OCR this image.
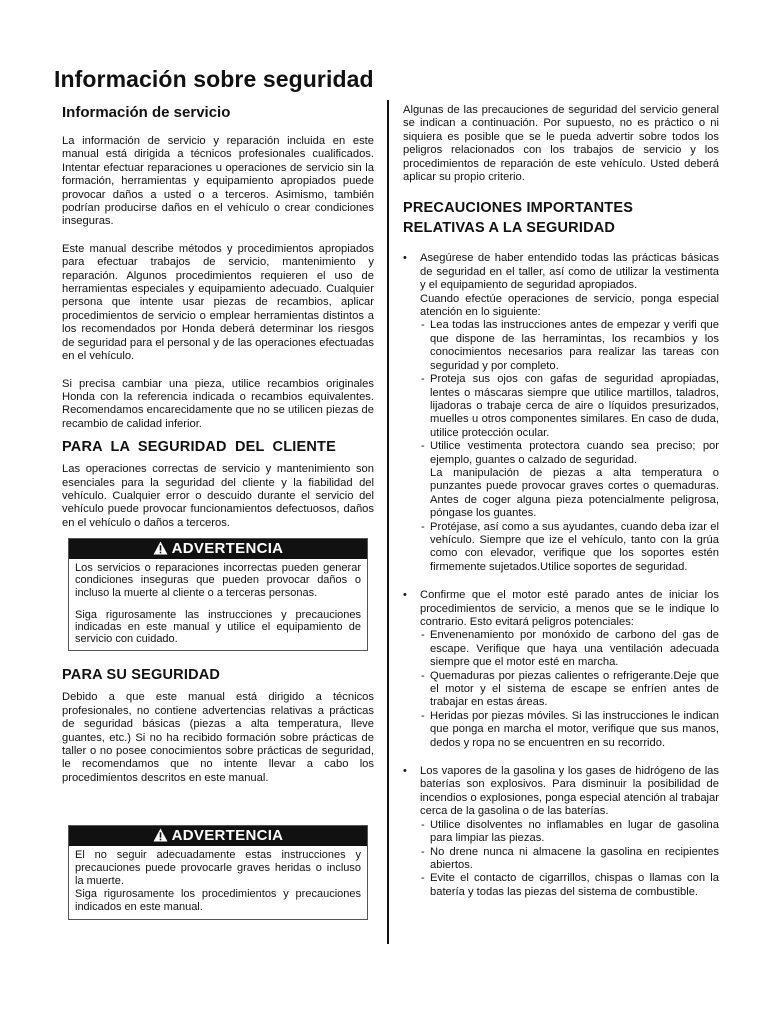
Información sobre seguridad
Información de servicio

La información de servicio y reparación incluida en este manual está dirigida a técnicos profesionales cualificados. Intentar efectuar reparaciones u operaciones de servicio sin la formación, herramientas y equipamiento apropiados puede provocar daños a usted o a terceros. Asimismo, también podrían producirse daños en el vehículo o crear condiciones inseguras.

Este manual describe métodos y procedimientos apropiados para efectuar trabajos de servicio, mantenimiento y reparación. Algunos procedimientos requieren el uso de herramientas especiales y equipamiento adecuado. Cualquier persona que intente usar piezas de recambios, aplicar procedimientos de servicio o emplear herramientas distintos a los recomendados por Honda deberá determinar los riesgos de seguridad para el personal y de las operaciones efectuadas en el vehículo.

Si precisa cambiar una pieza, utilice recambios originales Honda con la referencia indicada o recambios equivalentes. Recomendamos encarecidamente que no se utilicen piezas de recambio de calidad inferior.

PARA LA SEGURIDAD DEL CLIENTE

Las operaciones correctas de servicio y mantenimiento son esenciales para la seguridad del cliente y la fiabilidad del vehículo. Cualquier error o descuido durante el servicio del vehículo puede provocar funcionamientos defectuosos, daños en el vehículo o daños a terceros.

ADVERTENCIA

Los servicios o reparaciones incorrectas pueden generar condiciones inseguras que pueden provocar daños o incluso la muerte al cliente o a terceras personas.

Siga rigurosamente las instrucciones y precauciones indicadas en este manual y utilice el equipamiento de servicio con cuidado.

PARA SU SEGURIDAD

Debido a que este manual está dirigido a técnicos profesionales, no contiene advertencias relativas a prácticas de seguridad básicas (piezas a alta temperatura, lleve guantes, etc.) Si no ha recibido formación sobre prácticas de taller o no posee conocimientos sobre prácticas de seguridad, le recomendamos que no intente llevar a cabo los procedimientos descritos en este manual.

ADVERTENCIA

El no seguir adecuadamente estas instrucciones y precauciones puede provocarle graves heridas o incluso la muerte.

Siga rigurosamente los procedimientos y precauciones indicados en este manual.

Algunas de las precauciones de seguridad del servicio general se indican a continuación. Por supuesto, no es práctico o ni siquiera es posible que se le pueda advertir sobre todos los peligros relacionados con los trabajos de servicio y los procedimientos de reparación de este vehículo. Usted deberá aplicar su propio criterio.

PRECAUCIONES IMPORTANTES RELATIVAS A LA SEGURIDAD
• Asegúrese de haber entendido todas las prácticas básicas de seguridad en el taller, así como de utilizar la vestimenta y el equipamiento de seguridad apropiados.
Cuando efectúe operaciones de servicio, ponga especial atención en lo siguiente:
- Lea todas las instrucciones antes de empezar y verifi que que dispone de las herramintas, los recambios y los conocimientos necesarios para realizar las tareas con seguridad y por completo.
- Proteja sus ojos con gafas de seguridad apropiadas, lentes o máscaras siempre que utilice martillos, taladros, lijadoras o trabaje cerca de aire o líquidos presurizados, muelles u otros componentes similares. En caso de duda, utilice protección ocular.
- Utilice vestimenta protectora cuando sea preciso; por ejemplo, guantes o calzado de seguridad.
La manipulación de piezas a alta temperatura o punzantes puede provocar graves cortes o quemaduras. Antes de coger alguna pieza potencialmente peligrosa, póngase los guantes.
- Protéjase, así como a sus ayudantes, cuando deba izar el vehículo. Siempre que ize el vehículo, tanto con la grúa como con elevador, verifique que los soportes estén firmemente sujetados.Utilice soportes de seguridad.
• Confirme que el motor esté parado antes de iniciar los procedimientos de servicio, a menos que se le indique lo contrario. Esto evitará peligros potenciales:
- Envenenamiento por monóxido de carbono del gas de escape. Verifique que haya una ventilación adecuada siempre que el motor esté en marcha.
- Quemaduras por piezas calientes o refrigerante.Deje que el motor y el sistema de escape se enfríen antes de trabajar en estas áreas.
- Heridas por piezas móviles. Si las instrucciones le indican que ponga en marcha el motor, verifique que sus manos, dedos y ropa no se encuentren en su recorrido.
• Los vapores de la gasolina y los gases de hidrógeno de las baterías son explosivos. Para disminuir la posibilidad de incendios o explosiones, ponga especial atención al trabajar cerca de la gasolina o de las baterías.
- Utilice disolventes no inflamables en lugar de gasolina para limpiar las piezas.
- No drene nunca ni almacene la gasolina en recipientes abiertos.
- Evite el contacto de cigarrillos, chispas o llamas con la batería y todas las piezas del sistema de combustible.
